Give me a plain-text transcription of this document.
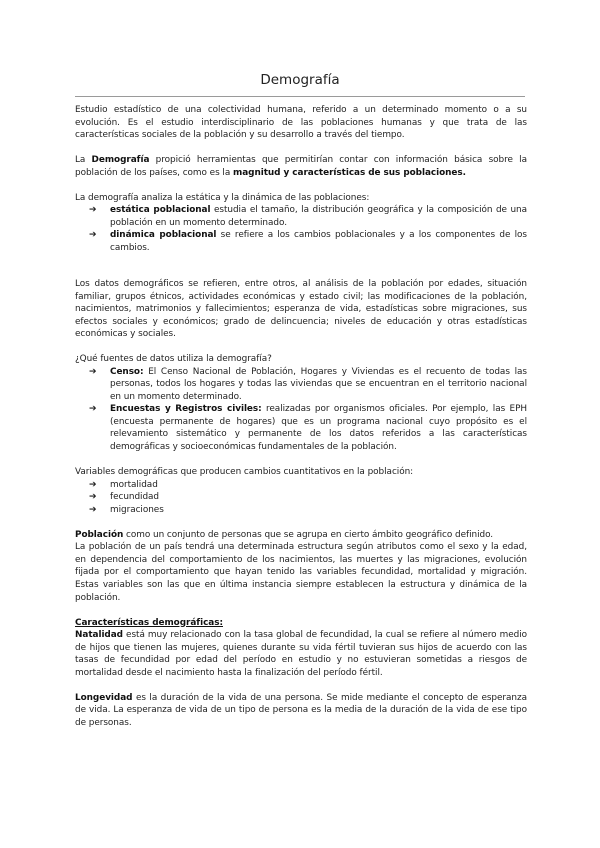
Demografía

Estudio estadístico de una colectividad humana, referido a un determinado momento o a su evolución. Es el estudio interdisciplinario de las poblaciones humanas y que trata de las características sociales de la población y su desarrollo a través del tiempo.

La Demografía propició herramientas que permitirían contar con información básica sobre la población de los países, como es la magnitud y características de sus poblaciones.

La demografía analiza la estática y la dinámica de las poblaciones:

➔ estática poblacional estudia el tamaño, la distribución geográfica y la composición de una población en un momento determinado.
➔ dinámica poblacional se refiere a los cambios poblacionales y a los componentes de los cambios.

Los datos demográficos se refieren, entre otros, al análisis de la población por edades, situación familiar, grupos étnicos, actividades económicas y estado civil; las modificaciones de la población, nacimientos, matrimonios y fallecimientos; esperanza de vida, estadísticas sobre migraciones, sus efectos sociales y económicos; grado de delincuencia; niveles de educación y otras estadísticas económicas y sociales.

¿Qué fuentes de datos utiliza la demografía?

➔ Censo: El Censo Nacional de Población, Hogares y Viviendas es el recuento de todas las personas, todos los hogares y todas las viviendas que se encuentran en el territorio nacional en un momento determinado.
➔ Encuestas y Registros civiles: realizadas por organismos oficiales. Por ejemplo, las EPH (encuesta permanente de hogares) que es un programa nacional cuyo propósito es el relevamiento sistemático y permanente de los datos referidos a las características demográficas y socioeconómicas fundamentales de la población.

Variables demográficas que producen cambios cuantitativos en la población:

➔ mortalidad
➔ fecundidad
➔ migraciones

Población como un conjunto de personas que se agrupa en cierto ámbito geográfico definido.

La población de un país tendrá una determinada estructura según atributos como el sexo y la edad, en dependencia del comportamiento de los nacimientos, las muertes y las migraciones, evolución fijada por el comportamiento que hayan tenido las variables fecundidad, mortalidad y migración. Estas variables son las que en última instancia siempre establecen la estructura y dinámica de la población.

Características demográficas:

Natalidad está muy relacionado con la tasa global de fecundidad, la cual se refiere al número medio de hijos que tienen las mujeres, quienes durante su vida fértil tuvieran sus hijos de acuerdo con las tasas de fecundidad por edad del período en estudio y no estuvieran sometidas a riesgos de mortalidad desde el nacimiento hasta la finalización del período fértil.

Longevidad es la duración de la vida de una persona. Se mide mediante el concepto de esperanza de vida. La esperanza de vida de un tipo de persona es la media de la duración de la vida de ese tipo de personas.
